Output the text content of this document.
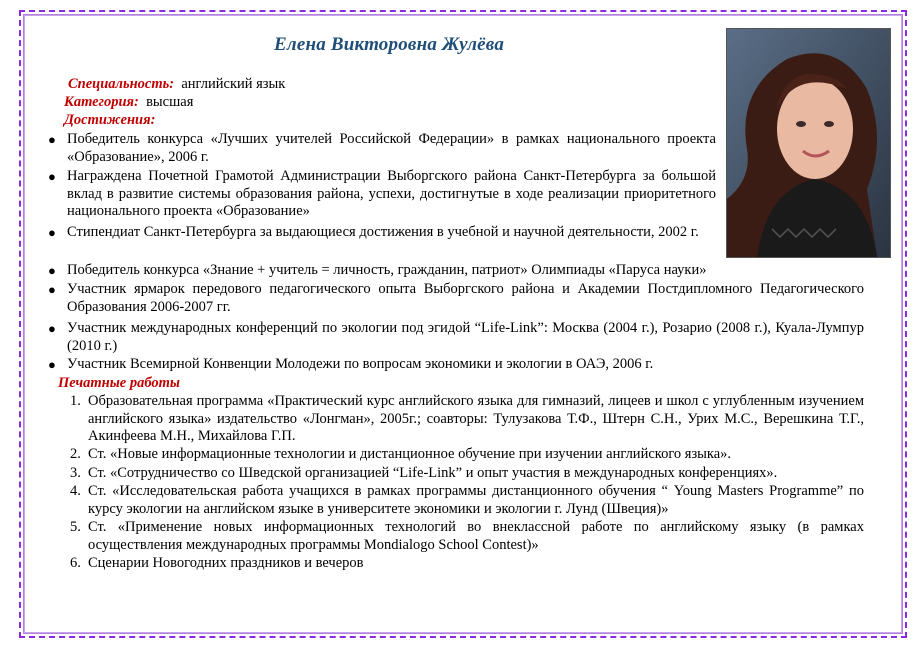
Елена Викторовна Жулёва
Специальность: английский язык
Категория: высшая
Достижения:
● Победитель конкурса «Лучших учителей Российской Федерации» в рамках национального проекта «Образование», 2006 г.
● Награждена Почетной Грамотой Администрации Выборгского района Санкт-Петербурга за большой вклад в развитие системы образования района, успехи, достигнутые в ходе реализации приоритетного национального проекта «Образование»
● Стипендиат Санкт-Петербурга за выдающиеся достижения в учебной и научной деятельности, 2002 г.
● Победитель конкурса «Знание + учитель = личность, гражданин, патриот» Олимпиады «Паруса науки»
● Участник ярмарок передового педагогического опыта Выборгского района и Академии Постдипломного Педагогического Образования 2006-2007 гг.
● Участник международных конференций по экологии под эгидой “Life-Link”: Москва (2004 г.), Розарио (2008 г.), Куала-Лумпур (2010 г.)
● Участник Всемирной Конвенции Молодежи по вопросам экономики и экологии в ОАЭ, 2006 г.
Печатные работы
1. Образовательная программа «Практический курс английского языка для гимназий, лицеев и школ с углубленным изучением английского языка» издательство «Лонгман», 2005г.; соавторы: Тулузакова Т.Ф., Штерн С.Н., Урих М.С., Верешкина Т.Г., Акинфеева М.Н., Михайлова Г.П.
2. Ст. «Новые информационные технологии и дистанционное обучение при изучении английского языка».
3. Ст. «Сотрудничество со Шведской организацией “Life-Link” и опыт участия в международных конференциях».
4. Ст. «Исследовательская работа учащихся в рамках программы дистанционного обучения “ Young Masters Programme” по курсу экологии на английском языке в университете экономики и экологии г. Лунд (Швеция)»
5. Ст. «Применение новых информационных технологий во внеклассной работе по английскому языку (в рамках осуществления международных программы Mondialogo School Contest)»
6. Сценарии Новогодних праздников и вечеров
